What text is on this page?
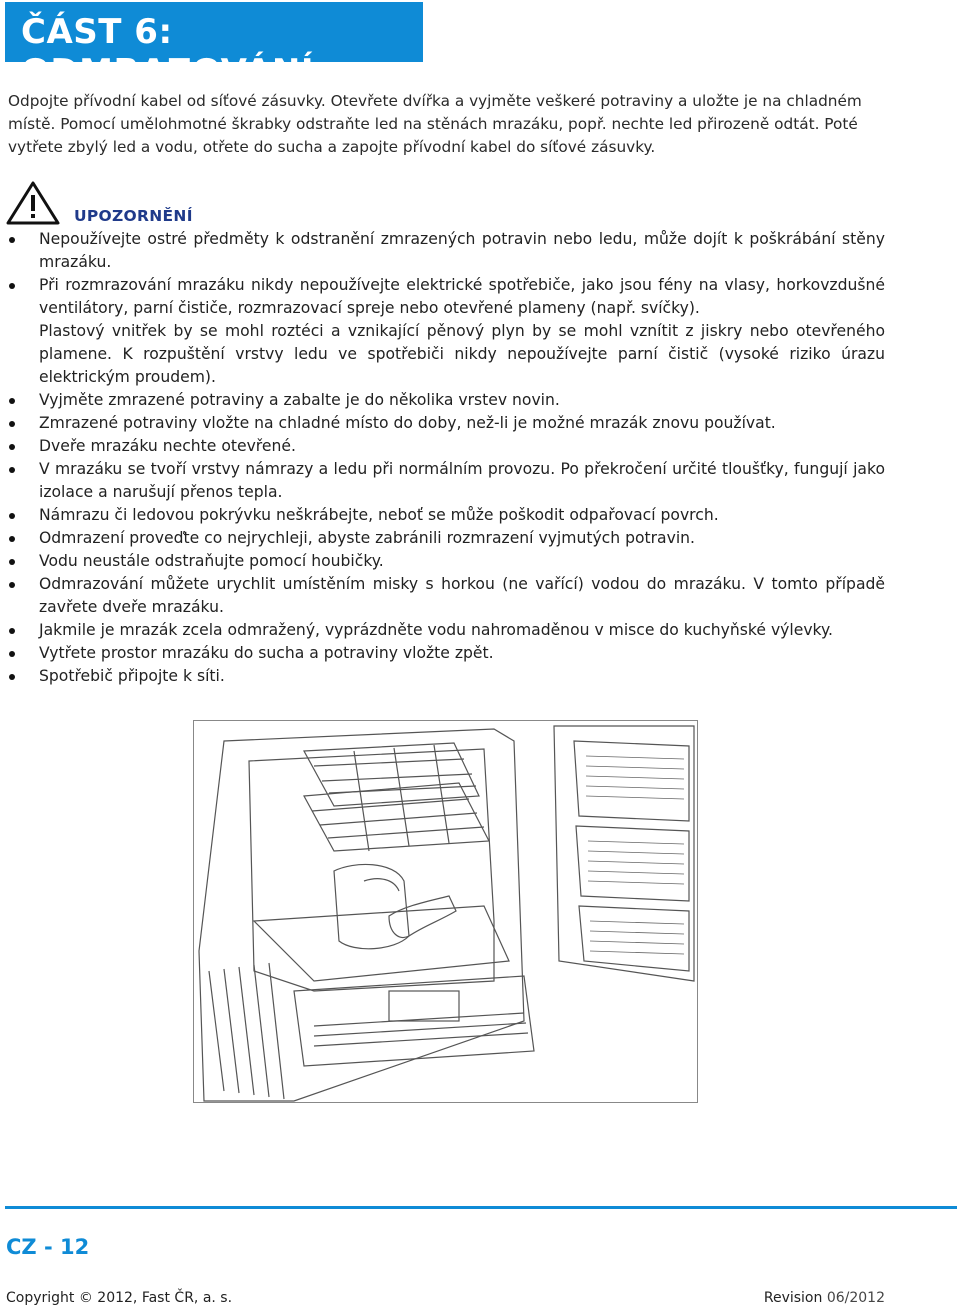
ČÁST 6: ODMRAZOVÁNÍ
Odpojte přívodní kabel od síťové zásuvky. Otevřete dvířka a vyjměte veškeré potraviny a uložte je na chladném místě. Pomocí umělohmotné škrabky odstraňte led na stěnách mrazáku, popř. nechte led přirozeně odtát. Poté vytřete zbylý led a vodu, otřete do sucha a zapojte přívodní kabel do síťové zásuvky.
UPOZORNĚNÍ
Nepoužívejte ostré předměty k odstranění zmrazených potravin nebo ledu, může dojít k poškrábání stěny mrazáku.
Při rozmrazování mrazáku nikdy nepoužívejte elektrické spotřebiče, jako jsou fény na vlasy, horkovzdušné ventilátory, parní čističe, rozmrazovací spreje nebo otevřené plameny (např. svíčky).
Plastový vnitřek by se mohl roztéci a vznikající pěnový plyn by se mohl vznítit z jiskry nebo otevřeného plamene. K rozpuštění vrstvy ledu ve spotřebiči nikdy nepoužívejte parní čistič (vysoké riziko úrazu elektrickým proudem).
Vyjměte zmrazené potraviny a zabalte je do několika vrstev novin.
Zmrazené potraviny vložte na chladné místo do doby, než-li je možné mrazák znovu používat.
Dveře mrazáku nechte otevřené.
V mrazáku se tvoří vrstvy námrazy a ledu při normálním provozu. Po překročení určité tloušťky, fungují jako izolace a narušují přenos tepla.
Námrazu či ledovou pokrývku neškrábejte, neboť se může poškodit odpařovací povrch.
Odmrazení proveďte co nejrychleji, abyste zabránili rozmrazení vyjmutých potravin.
Vodu neustále odstraňujte pomocí houbičky.
Odmrazování můžete urychlit umístěním misky s horkou (ne vařící) vodou do mrazáku. V tomto případě zavřete dveře mrazáku.
Jakmile je mrazák zcela odmražený, vyprázdněte vodu nahromaděnou v misce do kuchyňské výlevky.
Vytřete prostor mrazáku do sucha a potraviny vložte zpět.
Spotřebič připojte k síti.
CZ - 12
Copyright © 2012, Fast ČR, a. s.	Revision 06/2012
